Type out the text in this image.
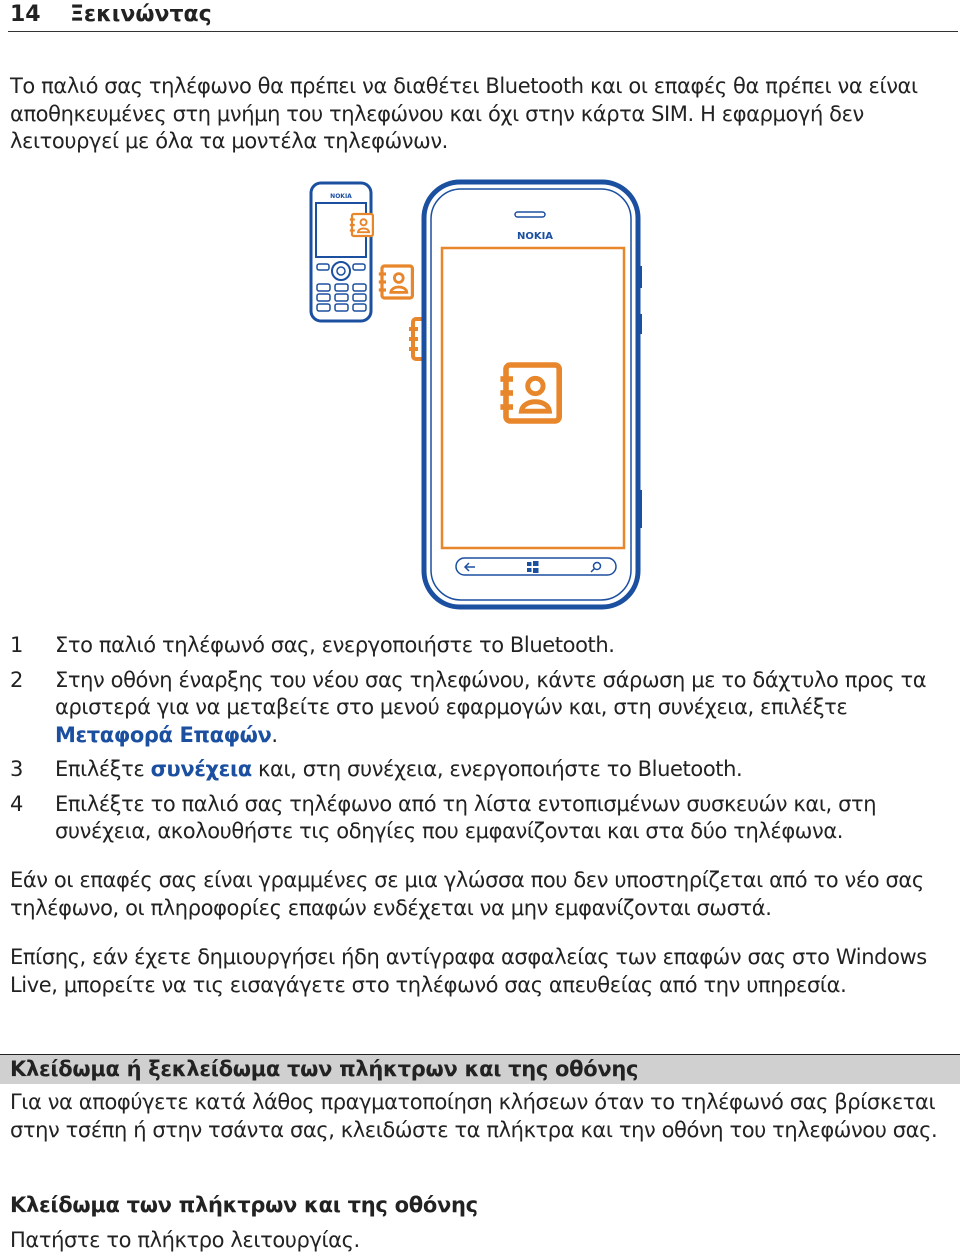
14 Ξεκινώντας
Το παλιό σας τηλέφωνο θα πρέπει να διαθέτει Bluetooth και οι επαφές θα πρέπει να είναι αποθηκευμένες στη μνήμη του τηλεφώνου και όχι στην κάρτα SIM. Η εφαρμογή δεν λειτουργεί με όλα τα μοντέλα τηλεφώνων.
NOKIA
NOKIA
1	Στο παλιό τηλέφωνό σας, ενεργοποιήστε το Bluetooth.
2	Στην οθόνη έναρξης του νέου σας τηλεφώνου, κάντε σάρωση με το δάχτυλο προς τα αριστερά για να μεταβείτε στο μενού εφαρμογών και, στη συνέχεια, επιλέξτε Μεταφορά Επαφών.
3	Επιλέξτε συνέχεια και, στη συνέχεια, ενεργοποιήστε το Bluetooth.
4	Επιλέξτε το παλιό σας τηλέφωνο από τη λίστα εντοπισμένων συσκευών και, στη συνέχεια, ακολουθήστε τις οδηγίες που εμφανίζονται και στα δύο τηλέφωνα.
Εάν οι επαφές σας είναι γραμμένες σε μια γλώσσα που δεν υποστηρίζεται από το νέο σας τηλέφωνο, οι πληροφορίες επαφών ενδέχεται να μην εμφανίζονται σωστά.
Επίσης, εάν έχετε δημιουργήσει ήδη αντίγραφα ασφαλείας των επαφών σας στο Windows Live, μπορείτε να τις εισαγάγετε στο τηλέφωνό σας απευθείας από την υπηρεσία.
Κλείδωμα ή ξεκλείδωμα των πλήκτρων και της οθόνης
Για να αποφύγετε κατά λάθος πραγματοποίηση κλήσεων όταν το τηλέφωνό σας βρίσκεται στην τσέπη ή στην τσάντα σας, κλειδώστε τα πλήκτρα και την οθόνη του τηλεφώνου σας.
Κλείδωμα των πλήκτρων και της οθόνης
Πατήστε το πλήκτρο λειτουργίας.
